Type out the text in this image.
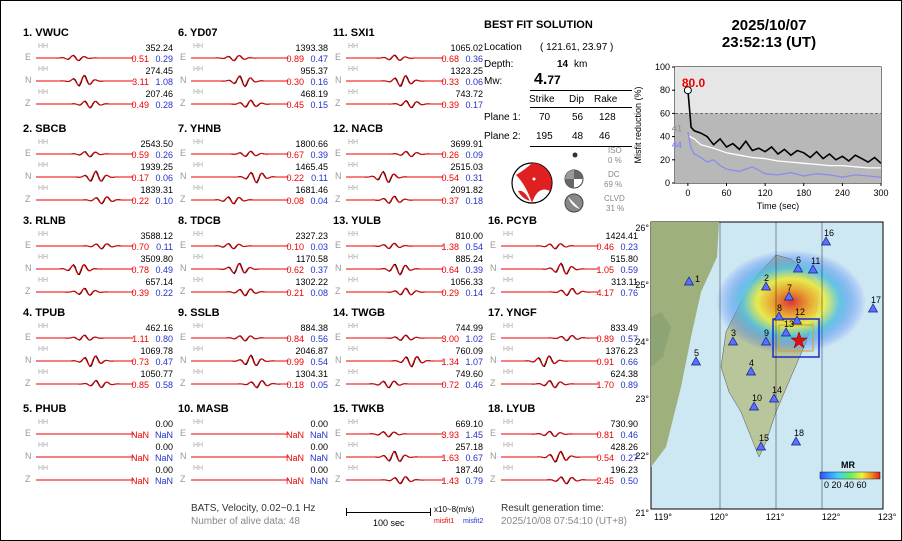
1. VWUC
E
HH	352.24
0.51 0.29
N
HH	274.45
3.11 1.08
Z
HH	207.46
0.49 0.28
2. SBCB
E
HH	2543.50
0.59 0.26
N
HH	1939.25
0.17 0.06
Z
HH	1839.31
0.22 0.10
3. RLNB
E
HH	3588.12
0.70 0.11
N
HH	3509.80
0.78 0.49
Z
HH	657.14
0.39 0.22
4. TPUB
E
HH	462.16
1.11 0.80
N
HH	1069.78
0.73 0.47
Z
HH	1050.77
0.85 0.58
5. PHUB
E
HH	0.00
NaN NaN
N
HH	0.00
NaN NaN
Z
HH	0.00
NaN NaN
6. YD07
E
HH	1393.38
0.89 0.47
N
HH	955.37
0.30 0.16
Z
HH	468.19
0.45 0.15
7. YHNB
E
HH	1800.66
0.67 0.39
N
HH	1465.45
0.22 0.11
Z
HH	1681.46
0.08 0.04
8. TDCB
E
HH	2327.23
0.10 0.03
N
HH	1170.58
0.62 0.37
Z
HH	1302.22
0.21 0.08
9. SSLB
E
HH	884.38
0.84 0.56
N
HH	2046.87
0.99 0.54
Z
HH	1304.31
0.18 0.05
10. MASB
E
HH	0.00
NaN NaN
N
HH	0.00
NaN NaN
Z
HH	0.00
NaN NaN
11. SXI1
E
HH	1065.02
0.68 0.36
N
HH	1323.25
0.33 0.06
Z
HH	743.72
0.39 0.17
12. NACB
E
HH	3699.91
0.26 0.09
N
HH	2515.03
0.54 0.31
Z
HH	2091.82
0.37 0.18
13. YULB
E
HH	810.00
1.38 0.54
N
HH	885.24
0.64 0.39
Z
HH	1056.33
0.29 0.14
14. TWGB
E
HH	744.99
3.00 1.02
N
HH	760.09
1.34 1.07
Z
HH	749.60
0.72 0.46
15. TWKB
E
HH	669.10
3.93 1.45
N
HH	257.18
1.63 0.67
Z
HH	187.40
1.43 0.79
16. PCYB
E
HH	1424.41
0.46 0.23
N
HH	515.80
1.05 0.59
Z
HH	313.11
4.17 0.76
17. YNGF
E
HH	833.49
0.89 0.57
N
HH	1376.23
0.91 0.66
Z
HH	624.38
1.70 0.89
18. LYUB
E
HH	730.90
0.81 0.46
N
HH	428.26
0.54 0.27
Z
HH	196.23
2.45 0.50
BEST FIT SOLUTION
Location ( 121.61, 23.97 )
Depth:	14 km
Mw: 4.77
Strike Dip Rake
Plane 1: 70 56 128
Plane 2: 195 48 46
ISO
0 %
DC
69 %
CLVD
31 %
2025/10/07
23:52:13 (UT)
0
20
40
60
80
100
0	60	120	180	240	300
Misfit reduction (%)
Time (sec)
80.0
41
44
26°
25°
24°
23°
22°
21° 119°	120°	121°	122°	123°
1	2
3
4
5
6
7
8
9
10
11
12
13
14
15
16
17
18
MR
0 20 40 60
BATS, Velocity, 0.02~0.1 Hz
Number of alive data: 48	100 sec
x10~8(m/s)
misfit1 misfit2
Result generation time:
2025/10/08 07:54:10 (UT+8)
